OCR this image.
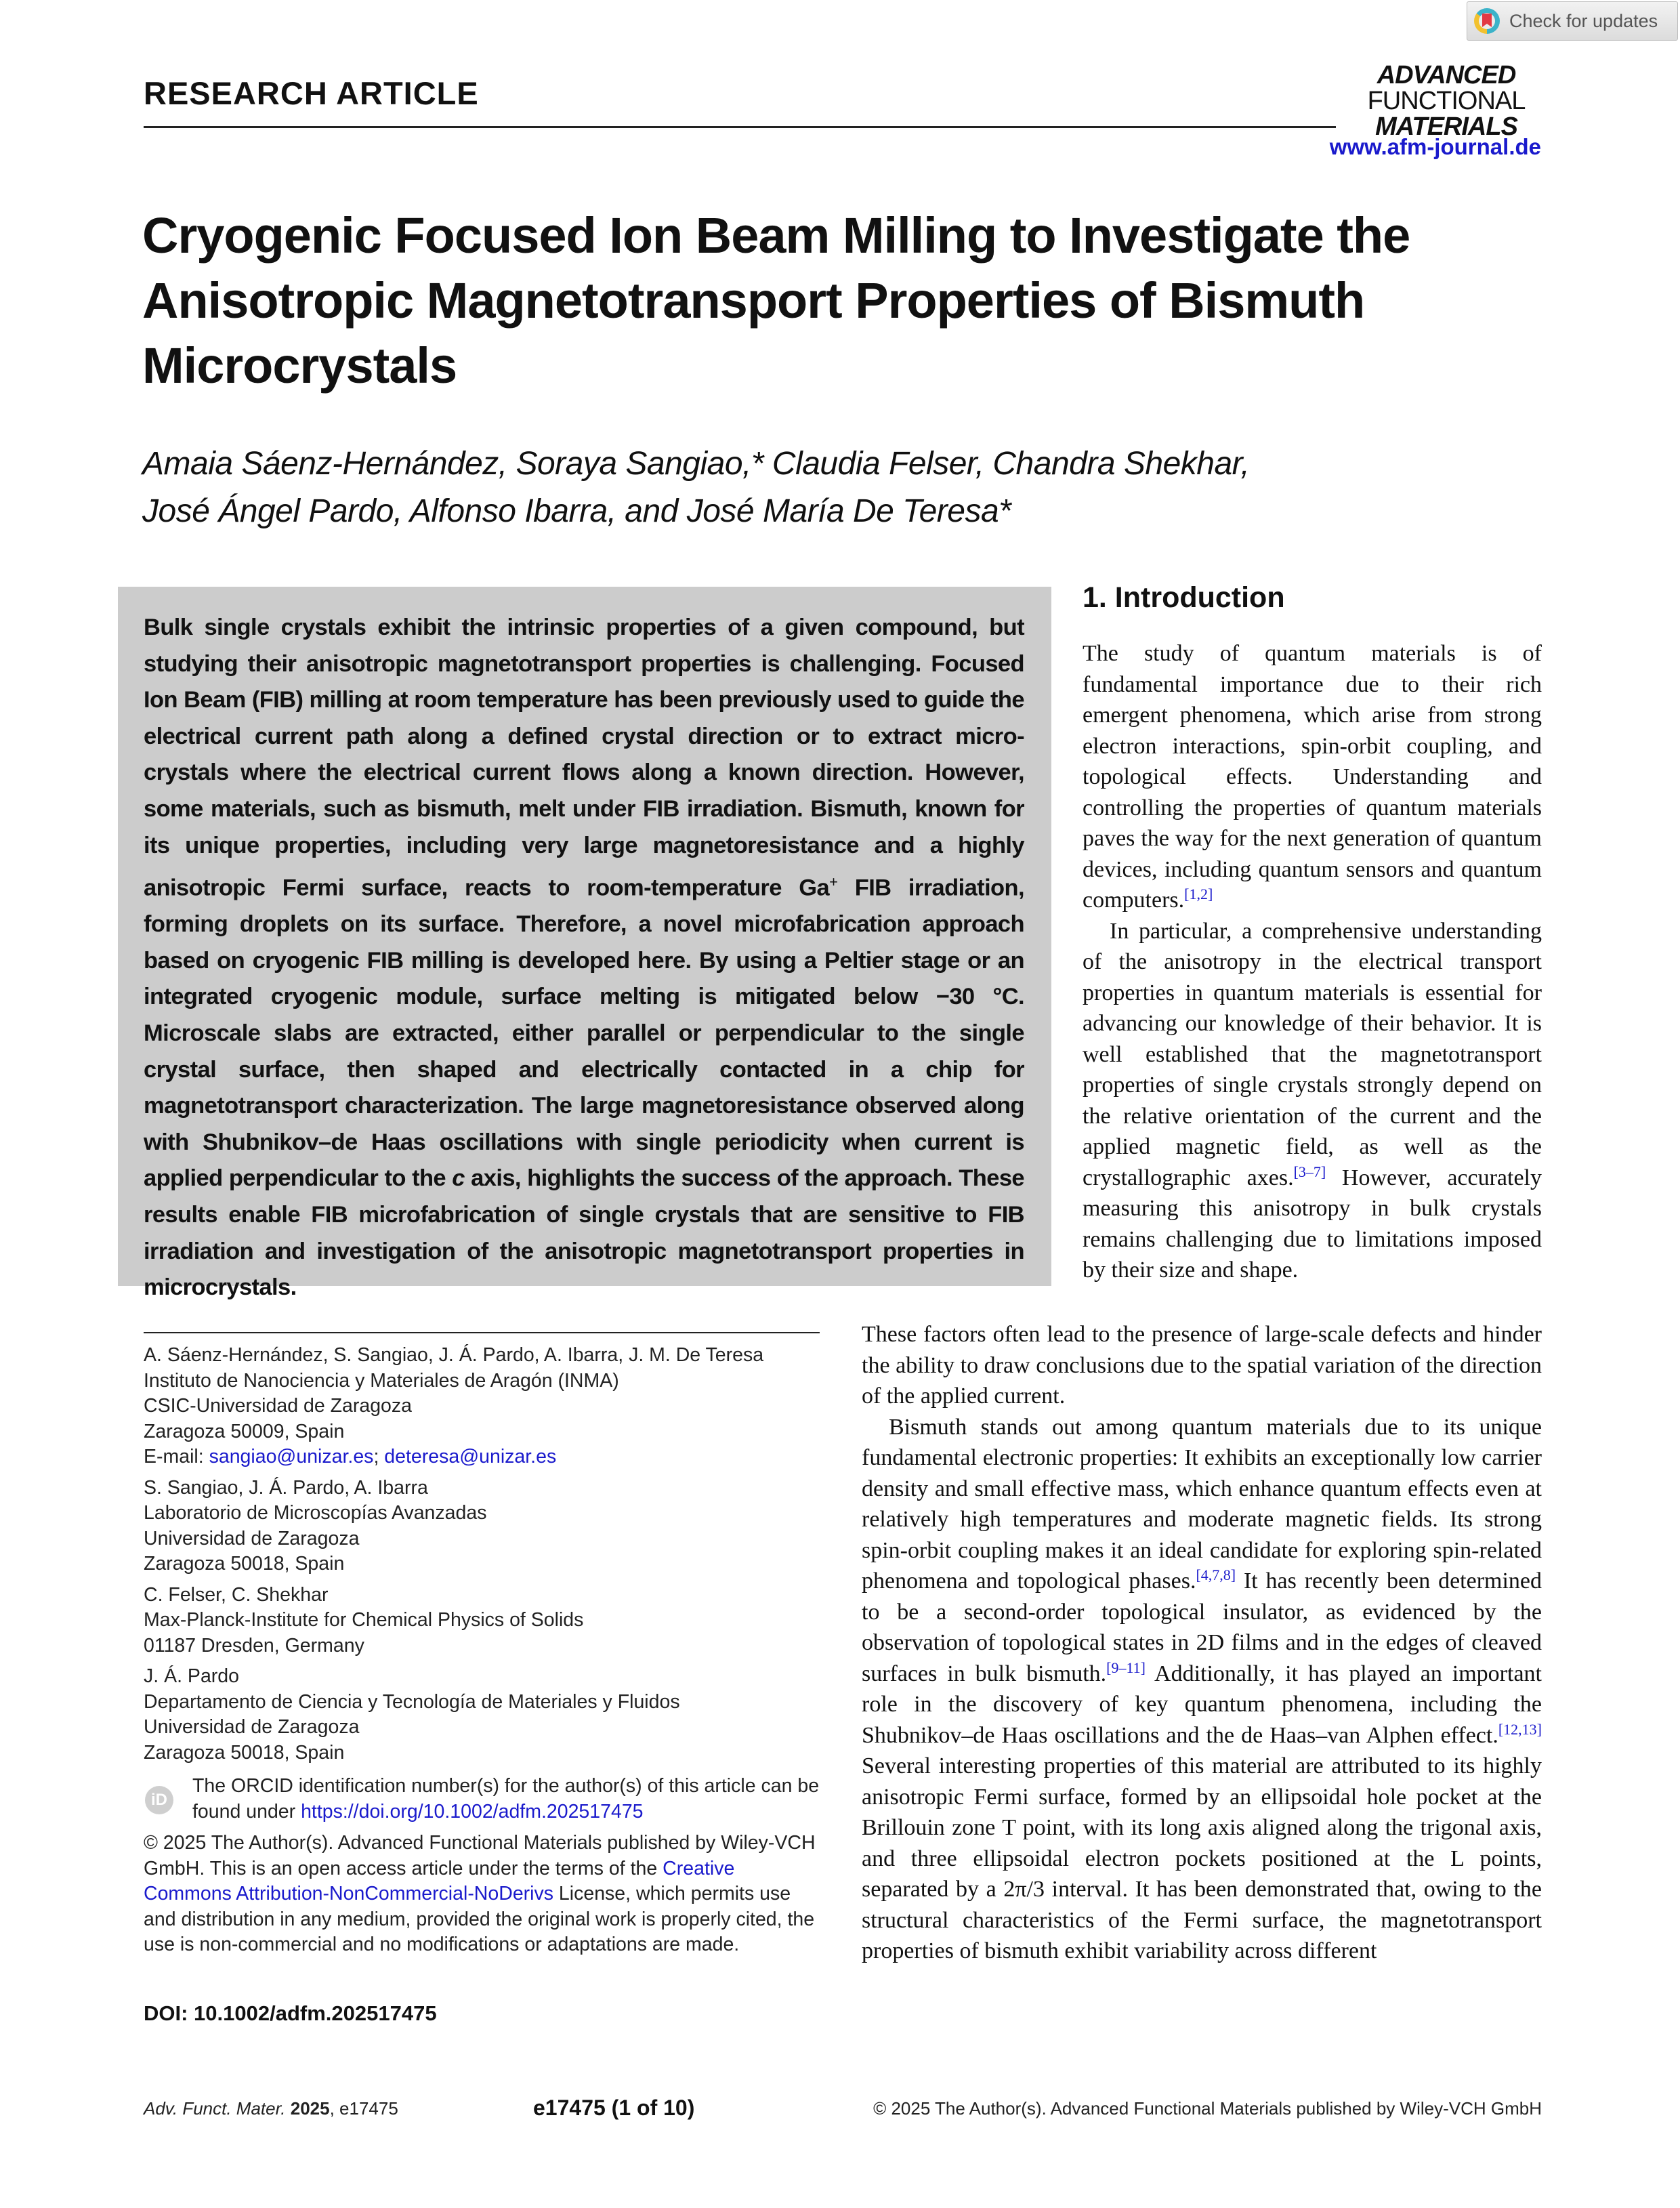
Check for updates
RESEARCH ARTICLE	ADVANCED
FUNCTIONAL
MATERIALS
www.afm-journal.de
Cryogenic Focused Ion Beam Milling to Investigate the Anisotropic Magnetotransport Properties of Bismuth Microcrystals
Amaia Sáenz-Hernández, Soraya Sangiao,* Claudia Felser, Chandra Shekhar,
José Ángel Pardo, Alfonso Ibarra, and José María De Teresa*

Bulk single crystals exhibit the intrinsic properties of a given compound, but studying their anisotropic magnetotransport properties is challenging. Focused Ion Beam (FIB) milling at room temperature has been previously used to guide the electrical current path along a defined crystal direction or to extract micro-crystals where the electrical current flows along a known direction. However, some materials, such as bismuth, melt under FIB irradiation. Bismuth, known for its unique properties, including very large magnetoresistance and a highly anisotropic Fermi surface, reacts to room-temperature Ga+ FIB irradiation, forming droplets on its surface. Therefore, a novel microfabrication approach based on cryogenic FIB milling is developed here. By using a Peltier stage or an integrated cryogenic module, surface melting is mitigated below −30 °C. Microscale slabs are extracted, either parallel or perpendicular to the single crystal surface, then shaped and electrically contacted in a chip for magnetotransport characterization. The large magnetoresistance observed along with Shubnikov–de Haas oscillations with single periodicity when current is applied perpendicular to the c axis, highlights the success of the approach. These results enable FIB microfabrication of single crystals that are sensitive to FIB irradiation and investigation of the anisotropic magnetotransport properties in microcrystals.

1. Introduction

The study of quantum materials is of fundamental importance due to their rich emergent phenomena, which arise from strong electron interactions, spin-orbit coupling, and topological effects. Understanding and controlling the properties of quantum materials paves the way for the next generation of quantum devices, including quantum sensors and quantum computers.[1,2]

In particular, a comprehensive understanding of the anisotropy in the electrical transport properties in quantum materials is essential for advancing our knowledge of their behavior. It is well established that the magnetotransport properties of single crystals strongly depend on the relative orientation of the current and the applied magnetic field, as well as the crystallographic axes.[3–7] However, accurately measuring this anisotropy in bulk crystals remains challenging due to limitations imposed by their size and shape.

These factors often lead to the presence of large-scale defects and hinder the ability to draw conclusions due to the spatial variation of the direction of the applied current.

Bismuth stands out among quantum materials due to its unique fundamental electronic properties: It exhibits an exceptionally low carrier density and small effective mass, which enhance quantum effects even at relatively high temperatures and moderate magnetic fields. Its strong spin-orbit coupling makes it an ideal candidate for exploring spin-related phenomena and topological phases.[4,7,8] It has recently been determined to be a second-order topological insulator, as evidenced by the observation of topological states in 2D films and in the edges of cleaved surfaces in bulk bismuth.[9–11] Additionally, it has played an important role in the discovery of key quantum phenomena, including the Shubnikov–de Haas oscillations and the de Haas–van Alphen effect.[12,13] Several interesting properties of this material are attributed to its highly anisotropic Fermi surface, formed by an ellipsoidal hole pocket at the Brillouin zone T point, with its long axis aligned along the trigonal axis, and three ellipsoidal electron pockets positioned at the L points, separated by a 2π/3 interval. It has been demonstrated that, owing to the structural characteristics of the Fermi surface, the magnetotransport properties of bismuth exhibit variability across different

A. Sáenz-Hernández, S. Sangiao, J. Á. Pardo, A. Ibarra, J. M. De Teresa
Instituto de Nanociencia y Materiales de Aragón (INMA)
CSIC-Universidad de Zaragoza
Zaragoza 50009, Spain
E-mail: sangiao@unizar.es; deteresa@unizar.es
S. Sangiao, J. Á. Pardo, A. Ibarra
Laboratorio de Microscopías Avanzadas
Universidad de Zaragoza
Zaragoza 50018, Spain
C. Felser, C. Shekhar
Max-Planck-Institute for Chemical Physics of Solids
01187 Dresden, Germany
J. Á. Pardo
Departamento de Ciencia y Tecnología de Materiales y Fluidos
Universidad de Zaragoza
Zaragoza 50018, Spain
iD
The ORCID identification number(s) for the author(s) of this article can be found under https://doi.org/10.1002/adfm.202517475
© 2025 The Author(s). Advanced Functional Materials published by Wiley-VCH GmbH. This is an open access article under the terms of the Creative Commons Attribution-NonCommercial-NoDerivs License, which permits use and distribution in any medium, provided the original work is properly cited, the use is non-commercial and no modifications or adaptations are made.
DOI: 10.1002/adfm.202517475
Adv. Funct. Mater. 2025, e17475	e17475 (1 of 10)	© 2025 The Author(s). Advanced Functional Materials published by Wiley-VCH GmbH
